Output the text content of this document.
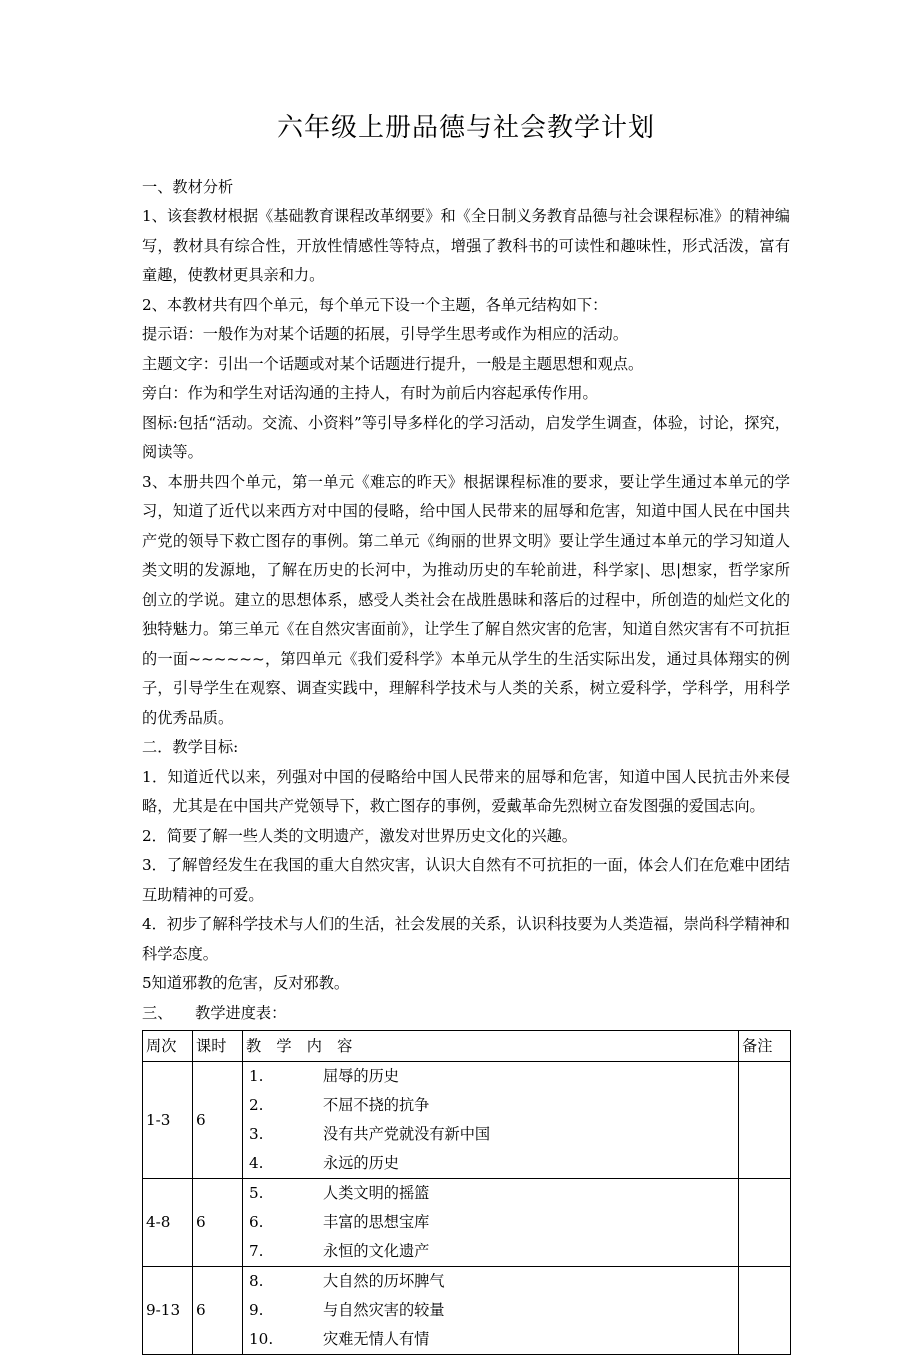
六年级上册品德与社会教学计划

一、教材分析

1、该套教材根据《基础教育课程改革纲要》和《全日制义务教育品德与社会课程标准》的精神编写，教材具有综合性，开放性情感性等特点，增强了教科书的可读性和趣味性，形式活泼，富有童趣，使教材更具亲和力。

2、本教材共有四个单元，每个单元下设一个主题，各单元结构如下：

提示语：一般作为对某个话题的拓展，引导学生思考或作为相应的活动。

主题文字：引出一个话题或对某个话题进行提升，一般是主题思想和观点。

旁白：作为和学生对话沟通的主持人，有时为前后内容起承传作用。

图标:包括“活动。交流、小资料”等引导多样化的学习活动，启发学生调查，体验，讨论，探究，阅读等。

3、本册共四个单元，第一单元《难忘的昨天》根据课程标准的要求，要让学生通过本单元的学习，知道了近代以来西方对中国的侵略，给中国人民带来的屈辱和危害，知道中国人民在中国共产党的领导下救亡图存的事例。第二单元《绚丽的世界文明》要让学生通过本单元的学习知道人类文明的发源地，了解在历史的长河中，为推动历史的车轮前进，科学家|、思|想家，哲学家所创立的学说。建立的思想体系，感受人类社会在战胜愚昧和落后的过程中，所创造的灿烂文化的独特魅力。第三单元《在自然灾害面前》，让学生了解自然灾害的危害，知道自然灾害有不可抗拒的一面~~~~~~，第四单元《我们爱科学》本单元从学生的生活实际出发，通过具体翔实的例子，引导学生在观察、调查实践中，理解科学技术与人类的关系，树立爱科学，学科学，用科学的优秀品质。

二．教学目标:

1．知道近代以来，列强对中国的侵略给中国人民带来的屈辱和危害，知道中国人民抗击外来侵略，尤其是在中国共产党领导下，救亡图存的事例，爱戴革命先烈树立奋发图强的爱国志向。

2．简要了解一些人类的文明遗产，激发对世界历史文化的兴趣。

3．了解曾经发生在我国的重大自然灾害，认识大自然有不可抗拒的一面，体会人们在危难中团结互助精神的可爱。

4．初步了解科学技术与人们的生活，社会发展的关系，认识科技要为人类造福，崇尚科学精神和科学态度。

5知道邪教的危害，反对邪教。

三、　　教学进度表：

周次	课时	教　学　内　容	备注
1-3	6	1. 屈辱的历史
2. 不屈不挠的抗争
3. 没有共产党就没有新中国
4. 永远的历史	

4-8	6	5. 人类文明的摇篮
6. 丰富的思想宝库
7. 永恒的文化遗产	

9-13	6	8. 大自然的历坏脾气
9. 与自然灾害的较量
10. 灾难无情人有情	
